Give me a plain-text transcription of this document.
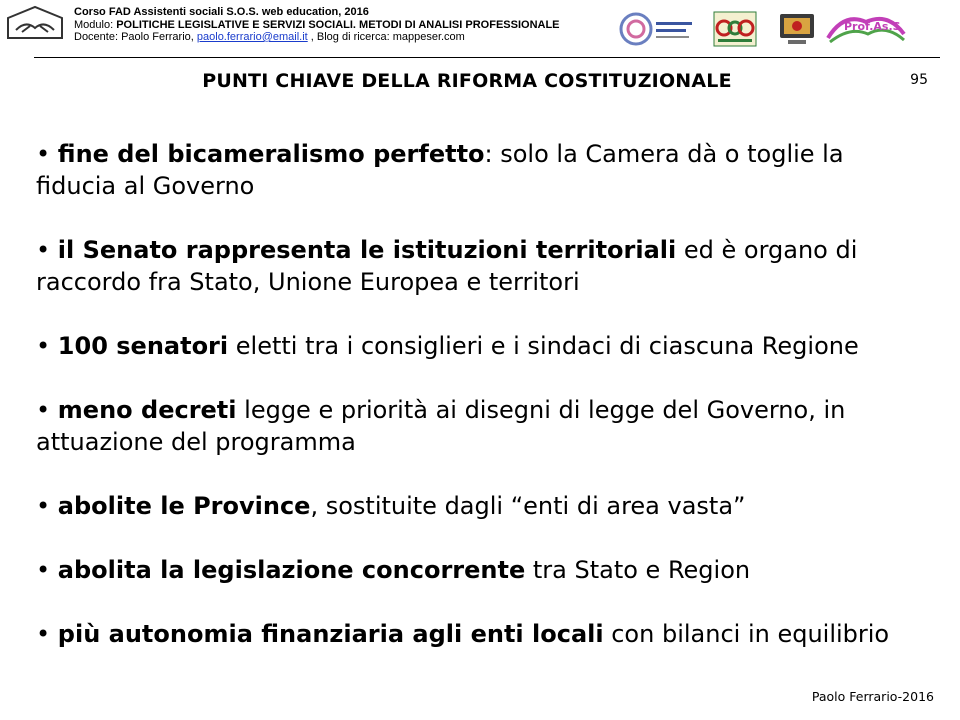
Corso FAD Assistenti sociali S.O.S. web education, 2016
Modulo: POLITICHE LEGISLATIVE E SERVIZI SOCIALI. METODI DI ANALISI PROFESSIONALE
Docente: Paolo Ferrario, paolo.ferrario@email.it , Blog di ricerca: mappeser.com
Prof.As.S
PUNTI CHIAVE DELLA RIFORMA COSTITUZIONALE	95
• fine del bicameralismo perfetto: solo la Camera dà o toglie la fiducia al Governo
• il Senato rappresenta le istituzioni territoriali ed è organo di raccordo fra Stato, Unione Europea e territori
• 100 senatori eletti tra i consiglieri e i sindaci di ciascuna Regione
• meno decreti legge e priorità ai disegni di legge del Governo, in attuazione del programma
• abolite le Province, sostituite dagli “enti di area vasta”
• abolita la legislazione concorrente tra Stato e Region
• più autonomia finanziaria agli enti locali con bilanci in equilibrio
Paolo Ferrario-2016
